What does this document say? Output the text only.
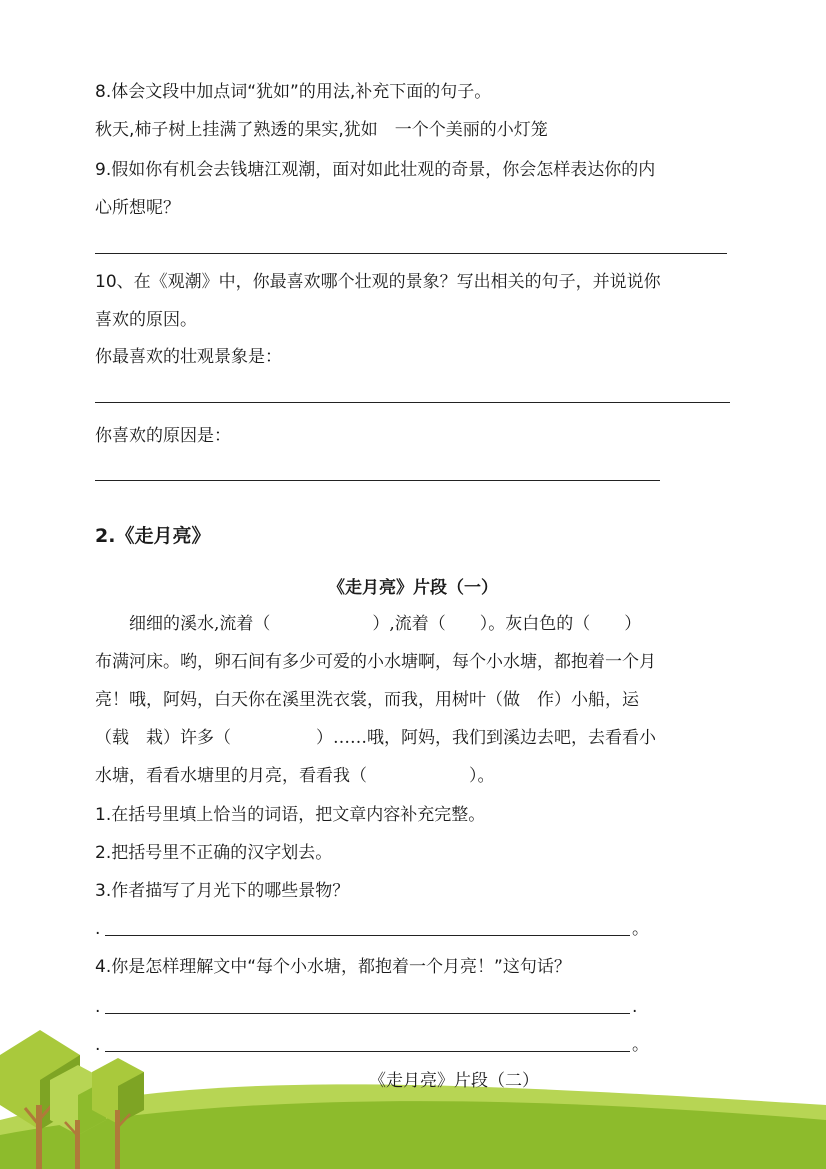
8.体会文段中加点词“犹如”的用法,补充下面的句子。
秋天,柿子树上挂满了熟透的果实,犹如　一个个美丽的小灯笼
9.假如你有机会去钱塘江观潮，面对如此壮观的奇景，你会怎样表达你的内
心所想呢？
10、在《观潮》中，你最喜欢哪个壮观的景象？写出相关的句子，并说说你
喜欢的原因。
你最喜欢的壮观景象是：
你喜欢的原因是：
2.《走月亮》
《走月亮》片段（一）
　　细细的溪水,流着（　　　　　　）,流着（　　）。灰白色的（　　）
布满河床。哟，卵石间有多少可爱的小水塘啊，每个小水塘，都抱着一个月
亮！哦，阿妈，白天你在溪里洗衣裳，而我，用树叶（做　作）小船，运
（载　栽）许多（　　　　　）……哦，阿妈，我们到溪边去吧，去看看小
水塘，看看水塘里的月亮，看看我（　　　　　　）。
1.在括号里填上恰当的词语，把文章内容补充完整。
2.把括号里不正确的汉字划去。
3.作者描写了月光下的哪些景物？
.	。
4.你是怎样理解文中“每个小水塘，都抱着一个月亮！”这句话？
.	.
.	。
《走月亮》片段（二）
